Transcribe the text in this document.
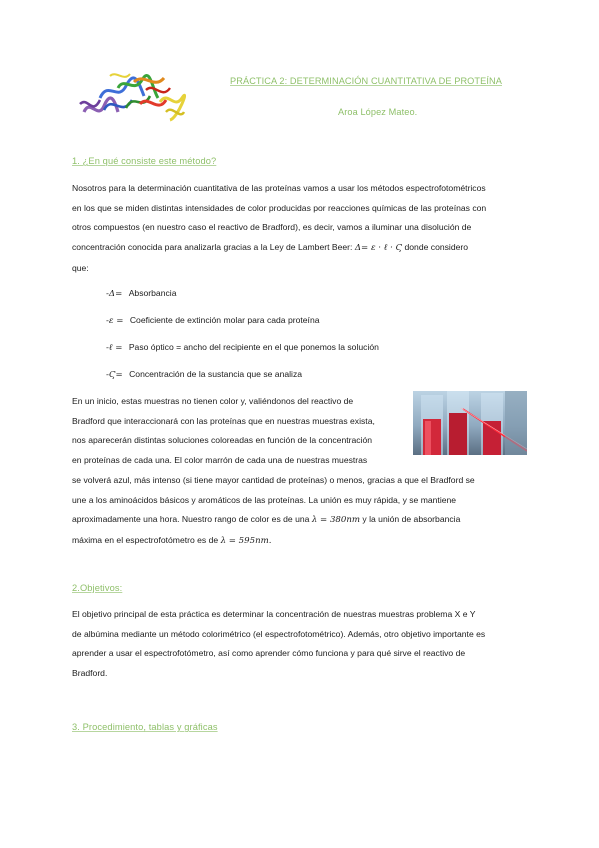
PRÁCTICA 2: DETERMINACIÓN CUANTITATIVA DE PROTEÍNA
Aroa López Mateo.
1. ¿En qué consiste este método?
Nosotros para la determinación cuantitativa de las proteínas vamos a usar los métodos espectrofotométricos
en los que se miden distintas intensidades de color producidas por reacciones químicas de las proteínas con
otros compuestos (en nuestro caso el reactivo de Bradford), es decir, vamos a iluminar una disolución de
concentración conocida para analizarla gracias a la Ley de Lambert Beer: Δ= ε · ℓ · Ϛ donde considero
que:
-Δ= Absorbancia
-ε = Coeficiente de extinción molar para cada proteína
-ℓ = Paso óptico = ancho del recipiente en el que ponemos la solución
-Ϛ= Concentración de la sustancia que se analiza
En un inicio, estas muestras no tienen color y, valiéndonos del reactivo de
Bradford que interaccionará con las proteínas que en nuestras muestras exista,
nos aparecerán distintas soluciones coloreadas en función de la concentración
en proteínas de cada una. El color marrón de cada una de nuestras muestras
se volverá azul, más intenso (si tiene mayor cantidad de proteínas) o menos, gracias a que el Bradford se
une a los aminoácidos básicos y aromáticos de las proteínas. La unión es muy rápida, y se mantiene
aproximadamente una hora. Nuestro rango de color es de una λ = 380nm y la unión de absorbancia
máxima en el espectrofotómetro es de λ = 595nm.
2.Objetivos:
El objetivo principal de esta práctica es determinar la concentración de nuestras muestras problema X e Y
de albúmina mediante un método colorimétrico (el espectrofotométrico). Además, otro objetivo importante es
aprender a usar el espectrofotómetro, así como aprender cómo funciona y para qué sirve el reactivo de
Bradford.
3. Procedimiento, tablas y gráficas
